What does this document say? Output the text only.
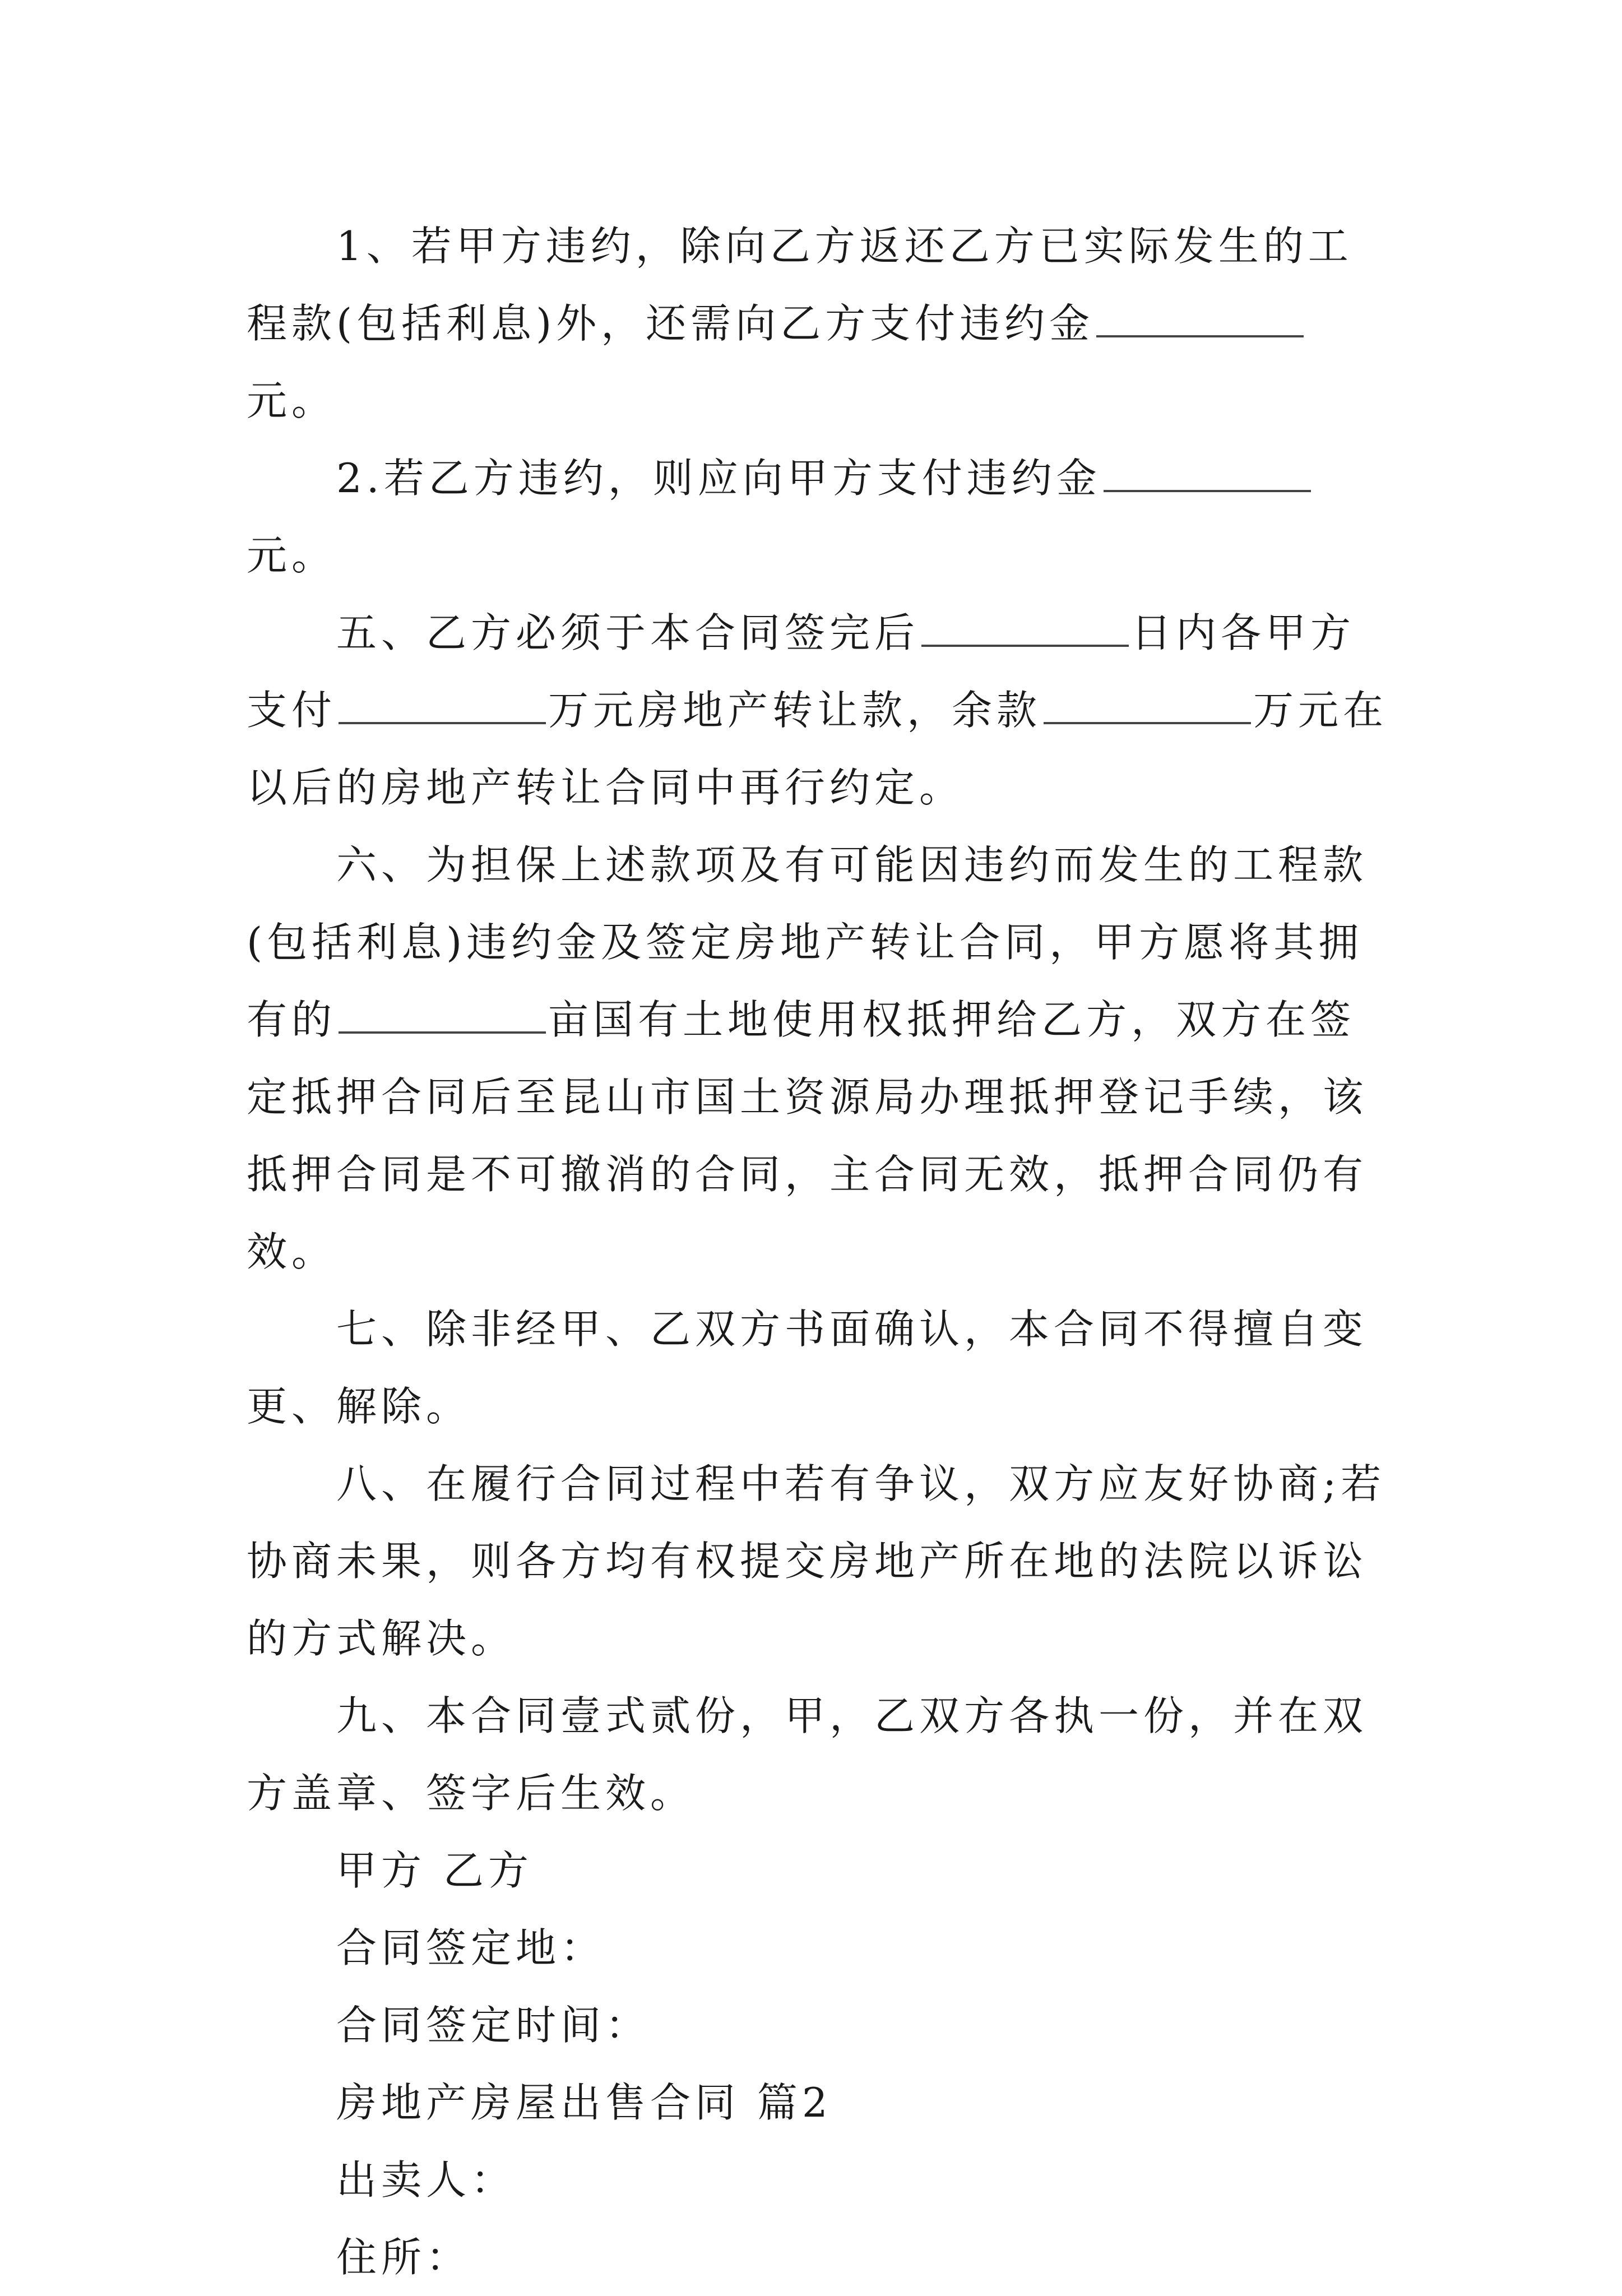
1、若甲方违约，除向乙方返还乙方已实际发生的工程款(包括利息)外，还需向乙方支付违约金元。

2.若乙方违约，则应向甲方支付违约金元。

五、乙方必须于本合同签完后	日内各甲方支付	万元房地产转让款，余款	万元在以后的房地产转让合同中再行约定。

六、为担保上述款项及有可能因违约而发生的工程款(包括利息)违约金及签定房地产转让合同，甲方愿将其拥有的	亩国有土地使用权抵押给乙方，双方在签定抵押合同后至昆山市国土资源局办理抵押登记手续，该抵押合同是不可撤消的合同，主合同无效，抵押合同仍有效。

七、除非经甲、乙双方书面确认，本合同不得擅自变更、解除。

八、在履行合同过程中若有争议，双方应友好协商;若协商未果，则各方均有权提交房地产所在地的法院以诉讼的方式解决。

九、本合同壹式贰份，甲，乙双方各执一份，并在双方盖章、签字后生效。

甲方 乙方

合同签定地：

合同签定时间：

房地产房屋出售合同 篇2

出卖人：

住所：
